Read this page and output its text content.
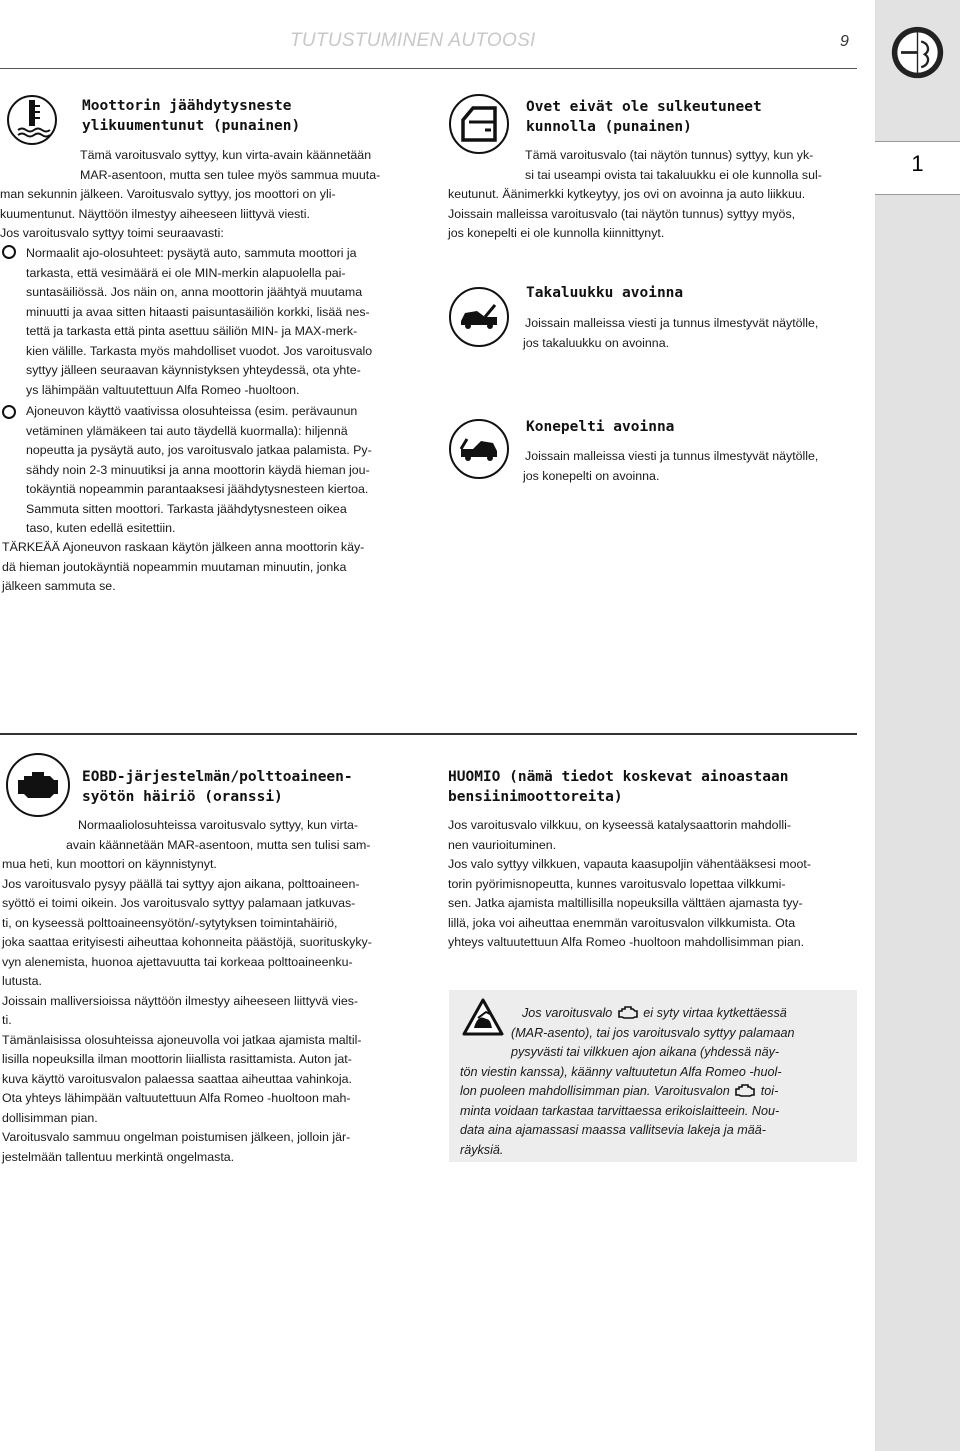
TUTUSTUMINEN AUTOOSI	9
1
Moottorin jäähdytysneste
ylikuumentunut (punainen)
Tämä varoitusvalo syttyy, kun virta-avain käännetään
MAR-asentoon, mutta sen tulee myös sammua muuta-
man sekunnin jälkeen. Varoitusvalo syttyy, jos moottori on yli-
kuumentunut. Näyttöön ilmestyy aiheeseen liittyvä viesti.
Jos varoitusvalo syttyy toimi seuraavasti:
Normaalit ajo-olosuhteet: pysäytä auto, sammuta moottori ja
tarkasta, että vesimäärä ei ole MIN-merkin alapuolella pai-
suntasäiliössä. Jos näin on, anna moottorin jäähtyä muutama
minuutti ja avaa sitten hitaasti paisuntasäiliön korkki, lisää nes-
tettä ja tarkasta että pinta asettuu säiliön MIN- ja MAX-merk-
kien välille. Tarkasta myös mahdolliset vuodot. Jos varoitusvalo
syttyy jälleen seuraavan käynnistyksen yhteydessä, ota yhte-
ys lähimpään valtuutettuun Alfa Romeo -huoltoon.
Ajoneuvon käyttö vaativissa olosuhteissa (esim. perävaunun
vetäminen ylämäkeen tai auto täydellä kuormalla): hiljennä
nopeutta ja pysäytä auto, jos varoitusvalo jatkaa palamista. Py-
sähdy noin 2-3 minuutiksi ja anna moottorin käydä hieman jou-
tokäyntiä nopeammin parantaaksesi jäähdytysnesteen kiertoa.
Sammuta sitten moottori. Tarkasta jäähdytysnesteen oikea
taso, kuten edellä esitettiin.
TÄRKEÄÄ Ajoneuvon raskaan käytön jälkeen anna moottorin käy-
dä hieman joutokäyntiä nopeammin muutaman minuutin, jonka
jälkeen sammuta se.
Ovet eivät ole sulkeutuneet
kunnolla (punainen)
Tämä varoitusvalo (tai näytön tunnus) syttyy, kun yk-
si tai useampi ovista tai takaluukku ei ole kunnolla sul-
keutunut. Äänimerkki kytkeytyy, jos ovi on avoinna ja auto liikkuu.
Joissain malleissa varoitusvalo (tai näytön tunnus) syttyy myös,
jos konepelti ei ole kunnolla kiinnittynyt.
Takaluukku avoinna
Joissain malleissa viesti ja tunnus ilmestyvät näytölle,
jos takaluukku on avoinna.
Konepelti avoinna
Joissain malleissa viesti ja tunnus ilmestyvät näytölle,
jos konepelti on avoinna.
EOBD-järjestelmän/polttoaineen-
syötön häiriö (oranssi)
Normaaliolosuhteissa varoitusvalo syttyy, kun virta-
avain käännetään MAR-asentoon, mutta sen tulisi sam-
mua heti, kun moottori on käynnistynyt.
Jos varoitusvalo pysyy päällä tai syttyy ajon aikana, polttoaineen-
syöttö ei toimi oikein. Jos varoitusvalo syttyy palamaan jatkuvas-
ti, on kyseessä polttoaineensyötön/-sytytyksen toimintahäiriö,
joka saattaa erityisesti aiheuttaa kohonneita päästöjä, suorituskyky-
vyn alenemista, huonoa ajettavuutta tai korkeaa polttoaineenku-
lutusta.
Joissain malliversioissa näyttöön ilmestyy aiheeseen liittyvä vies-
ti.
Tämänlaisissa olosuhteissa ajoneuvolla voi jatkaa ajamista maltil-
lisilla nopeuksilla ilman moottorin liiallista rasittamista. Auton jat-
kuva käyttö varoitusvalon palaessa saattaa aiheuttaa vahinkoja.
Ota yhteys lähimpään valtuutettuun Alfa Romeo -huoltoon mah-
dollisimman pian.
Varoitusvalo sammuu ongelman poistumisen jälkeen, jolloin jär-
jestelmään tallentuu merkintä ongelmasta.
HUOMIO (nämä tiedot koskevat ainoastaan
bensiinimoottoreita)
Jos varoitusvalo vilkkuu, on kyseessä katalysaattorin mahdolli-
nen vaurioituminen.
Jos valo syttyy vilkkuen, vapauta kaasupoljin vähentääksesi moot-
torin pyörimisnopeutta, kunnes varoitusvalo lopettaa vilkkumi-
sen. Jatka ajamista maltillisilla nopeuksilla välttäen ajamasta tyy-
lillä, joka voi aiheuttaa enemmän varoitusvalon vilkkumista. Ota
yhteys valtuutettuun Alfa Romeo -huoltoon mahdollisimman pian.
Jos varoitusvalo ei syty virtaa kytkettäessä
(MAR-asento), tai jos varoitusvalo syttyy palamaan
pysyvästi tai vilkkuen ajon aikana (yhdessä näy-
tön viestin kanssa), käänny valtuutetun Alfa Romeo -huol-
lon puoleen mahdollisimman pian. Varoitusvalon toi-
minta voidaan tarkastaa tarvittaessa erikoislaitteein. Nou-
data aina ajamassasi maassa vallitsevia lakeja ja mää-
räyksiä.
